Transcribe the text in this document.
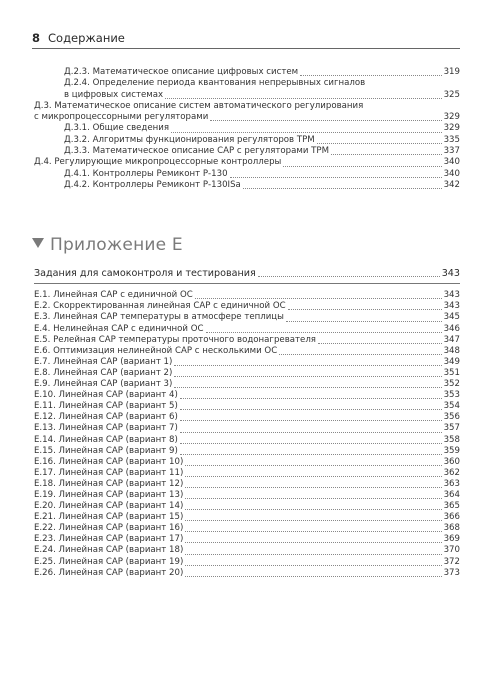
8 Содержание
Д.2.3. Математическое описание цифровых систем	319
Д.2.4. Определение периода квантования непрерывных сигналов
в цифровых системах	325
Д.3. Математическое описание систем автоматического регулирования
с микропроцессорными регуляторами	329
Д.3.1. Общие сведения	329
Д.3.2. Алгоритмы функционирования регуляторов ТРМ	335
Д.3.3. Математическое описание САР с регуляторами ТРМ	337
Д.4. Регулирующие микропроцессорные контроллеры	340
Д.4.1. Контроллеры Ремиконт Р-130	340
Д.4.2. Контроллеры Ремиконт Р-130ISa	342
Приложение Е
Задания для самоконтроля и тестирования	343
Е.1. Линейная САР с единичной ОС	343
Е.2. Скорректированная линейная САР с единичной ОС	343
Е.3. Линейная САР температуры в атмосфере теплицы	345
Е.4. Нелинейная САР с единичной ОС	346
Е.5. Релейная САР температуры проточного водонагревателя	347
Е.6. Оптимизация нелинейной САР с несколькими ОС	348
Е.7. Линейная САР (вариант 1)	349
Е.8. Линейная САР (вариант 2)	351
Е.9. Линейная САР (вариант 3)	352
Е.10. Линейная САР (вариант 4)	353
Е.11. Линейная САР (вариант 5)	354
Е.12. Линейная САР (вариант 6)	356
Е.13. Линейная САР (вариант 7)	357
Е.14. Линейная САР (вариант 8)	358
Е.15. Линейная САР (вариант 9)	359
Е.16. Линейная САР (вариант 10)	360
Е.17. Линейная САР (вариант 11)	362
Е.18. Линейная САР (вариант 12)	363
Е.19. Линейная САР (вариант 13)	364
Е.20. Линейная САР (вариант 14)	365
Е.21. Линейная САР (вариант 15)	366
Е.22. Линейная САР (вариант 16)	368
Е.23. Линейная САР (вариант 17)	369
Е.24. Линейная САР (вариант 18)	370
Е.25. Линейная САР (вариант 19)	372
Е.26. Линейная САР (вариант 20)	373
